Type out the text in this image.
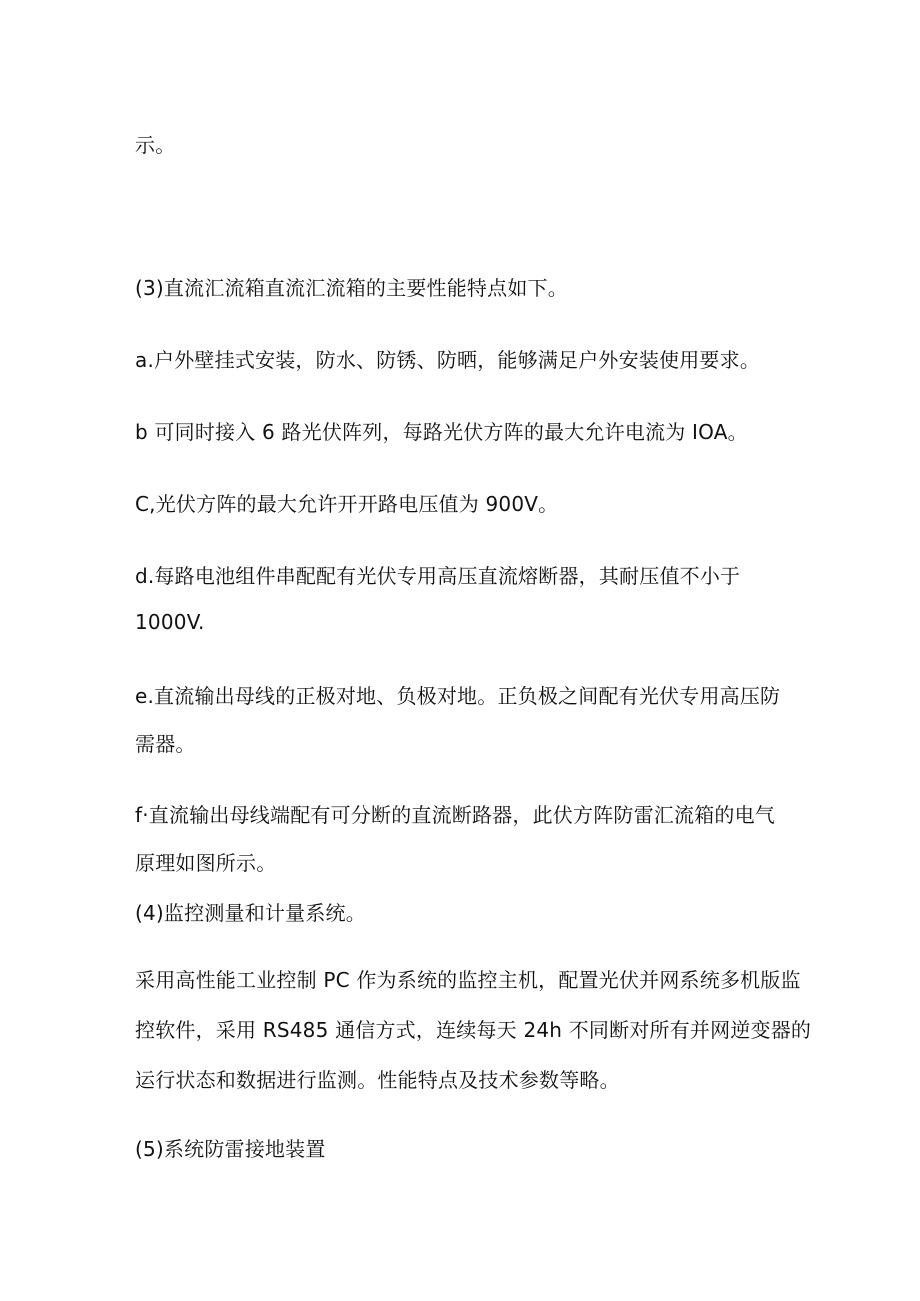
示。
(3)直流汇流箱直流汇流箱的主要性能特点如下。
a.户外壁挂式安装，防水、防锈、防晒，能够满足户外安装使用要求。
b 可同时接入 6 路光伏阵列，每路光伏方阵的最大允许电流为 IOA。
C,光伏方阵的最大允许开开路电压值为 900V。
d.每路电池组件串配配有光伏专用高压直流熔断器，其耐压值不小于
1000V.
e.直流输出母线的正极对地、负极对地。正负极之间配有光伏专用高压防
需器。
f·直流输出母线端配有可分断的直流断路器，此伏方阵防雷汇流箱的电气
原理如图所示。
(4)监控测量和计量系统。
采用高性能工业控制 PC 作为系统的监控主机，配置光伏并网系统多机版监
控软件，采用 RS485 通信方式，连续每天 24h 不同断对所有并网逆变器的
运行状态和数据进行监测。性能特点及技术参数等略。
(5)系统防雷接地装置
